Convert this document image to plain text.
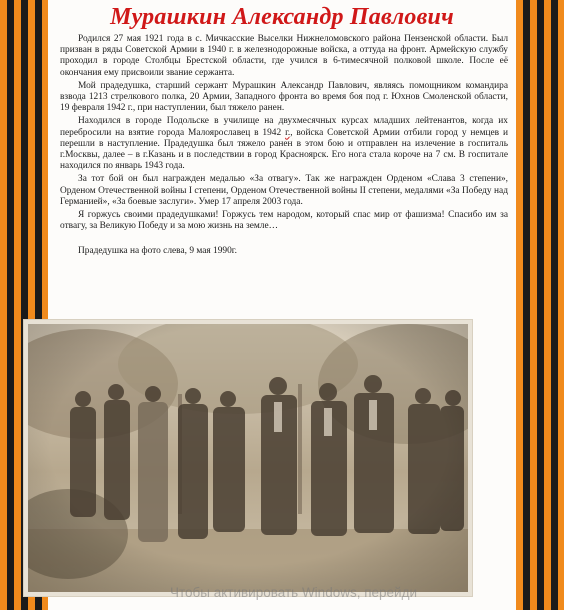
Мурашкин Александр Павлович

Родился 27 мая 1921 года в с. Мичкасские Выселки Нижнеломовского района Пензенской области. Был призван в ряды Советской Армии в 1940 г. в железнодорожные войска, а оттуда на фронт. Армейскую службу проходил в городе Столбцы Брестской области, где учился в 6-тимесячной полковой школе. После её окончания ему присвоили звание сержанта.

Мой прадедушка, старший сержант Мурашкин Александр Павлович, являясь помощником командира взвода 1213 стрелкового полка, 20 Армии, Западного фронта во время боя под г. Юхнов Смоленской области, 19 февраля 1942 г., при наступлении, был тяжело ранен.

Находился в городе Подольске в училище на двухмесячных курсах младших лейтенантов, когда их перебросили на взятие города Малоярославец в 1942 г., войска Советской Армии отбили город у немцев и перешли в наступление. Прадедушка был тяжело ранен в этом бою и отправлен на излечение в госпиталь г.Москвы, далее – в г.Казань и в последствии в город Красноярск. Его нога стала короче на 7 см. В госпитале находился по январь 1943 года.

За тот бой он был награжден медалью «За отвагу». Так же награжден Орденом «Слава 3 степени», Орденом Отечественной войны I степени, Орденом Отечественной войны II степени, медалями «За Победу над Германией», «За боевые заслуги». Умер 17 апреля 2003 года.

Я горжусь своими прадедушками! Горжусь тем народом, который спас мир от фашизма! Спасибо им за отвагу, за Великую Победу и за мою жизнь на земле…

Прадедушка на фото слева, 9 мая 1990г.

Чтобы активировать Windows, перейди
